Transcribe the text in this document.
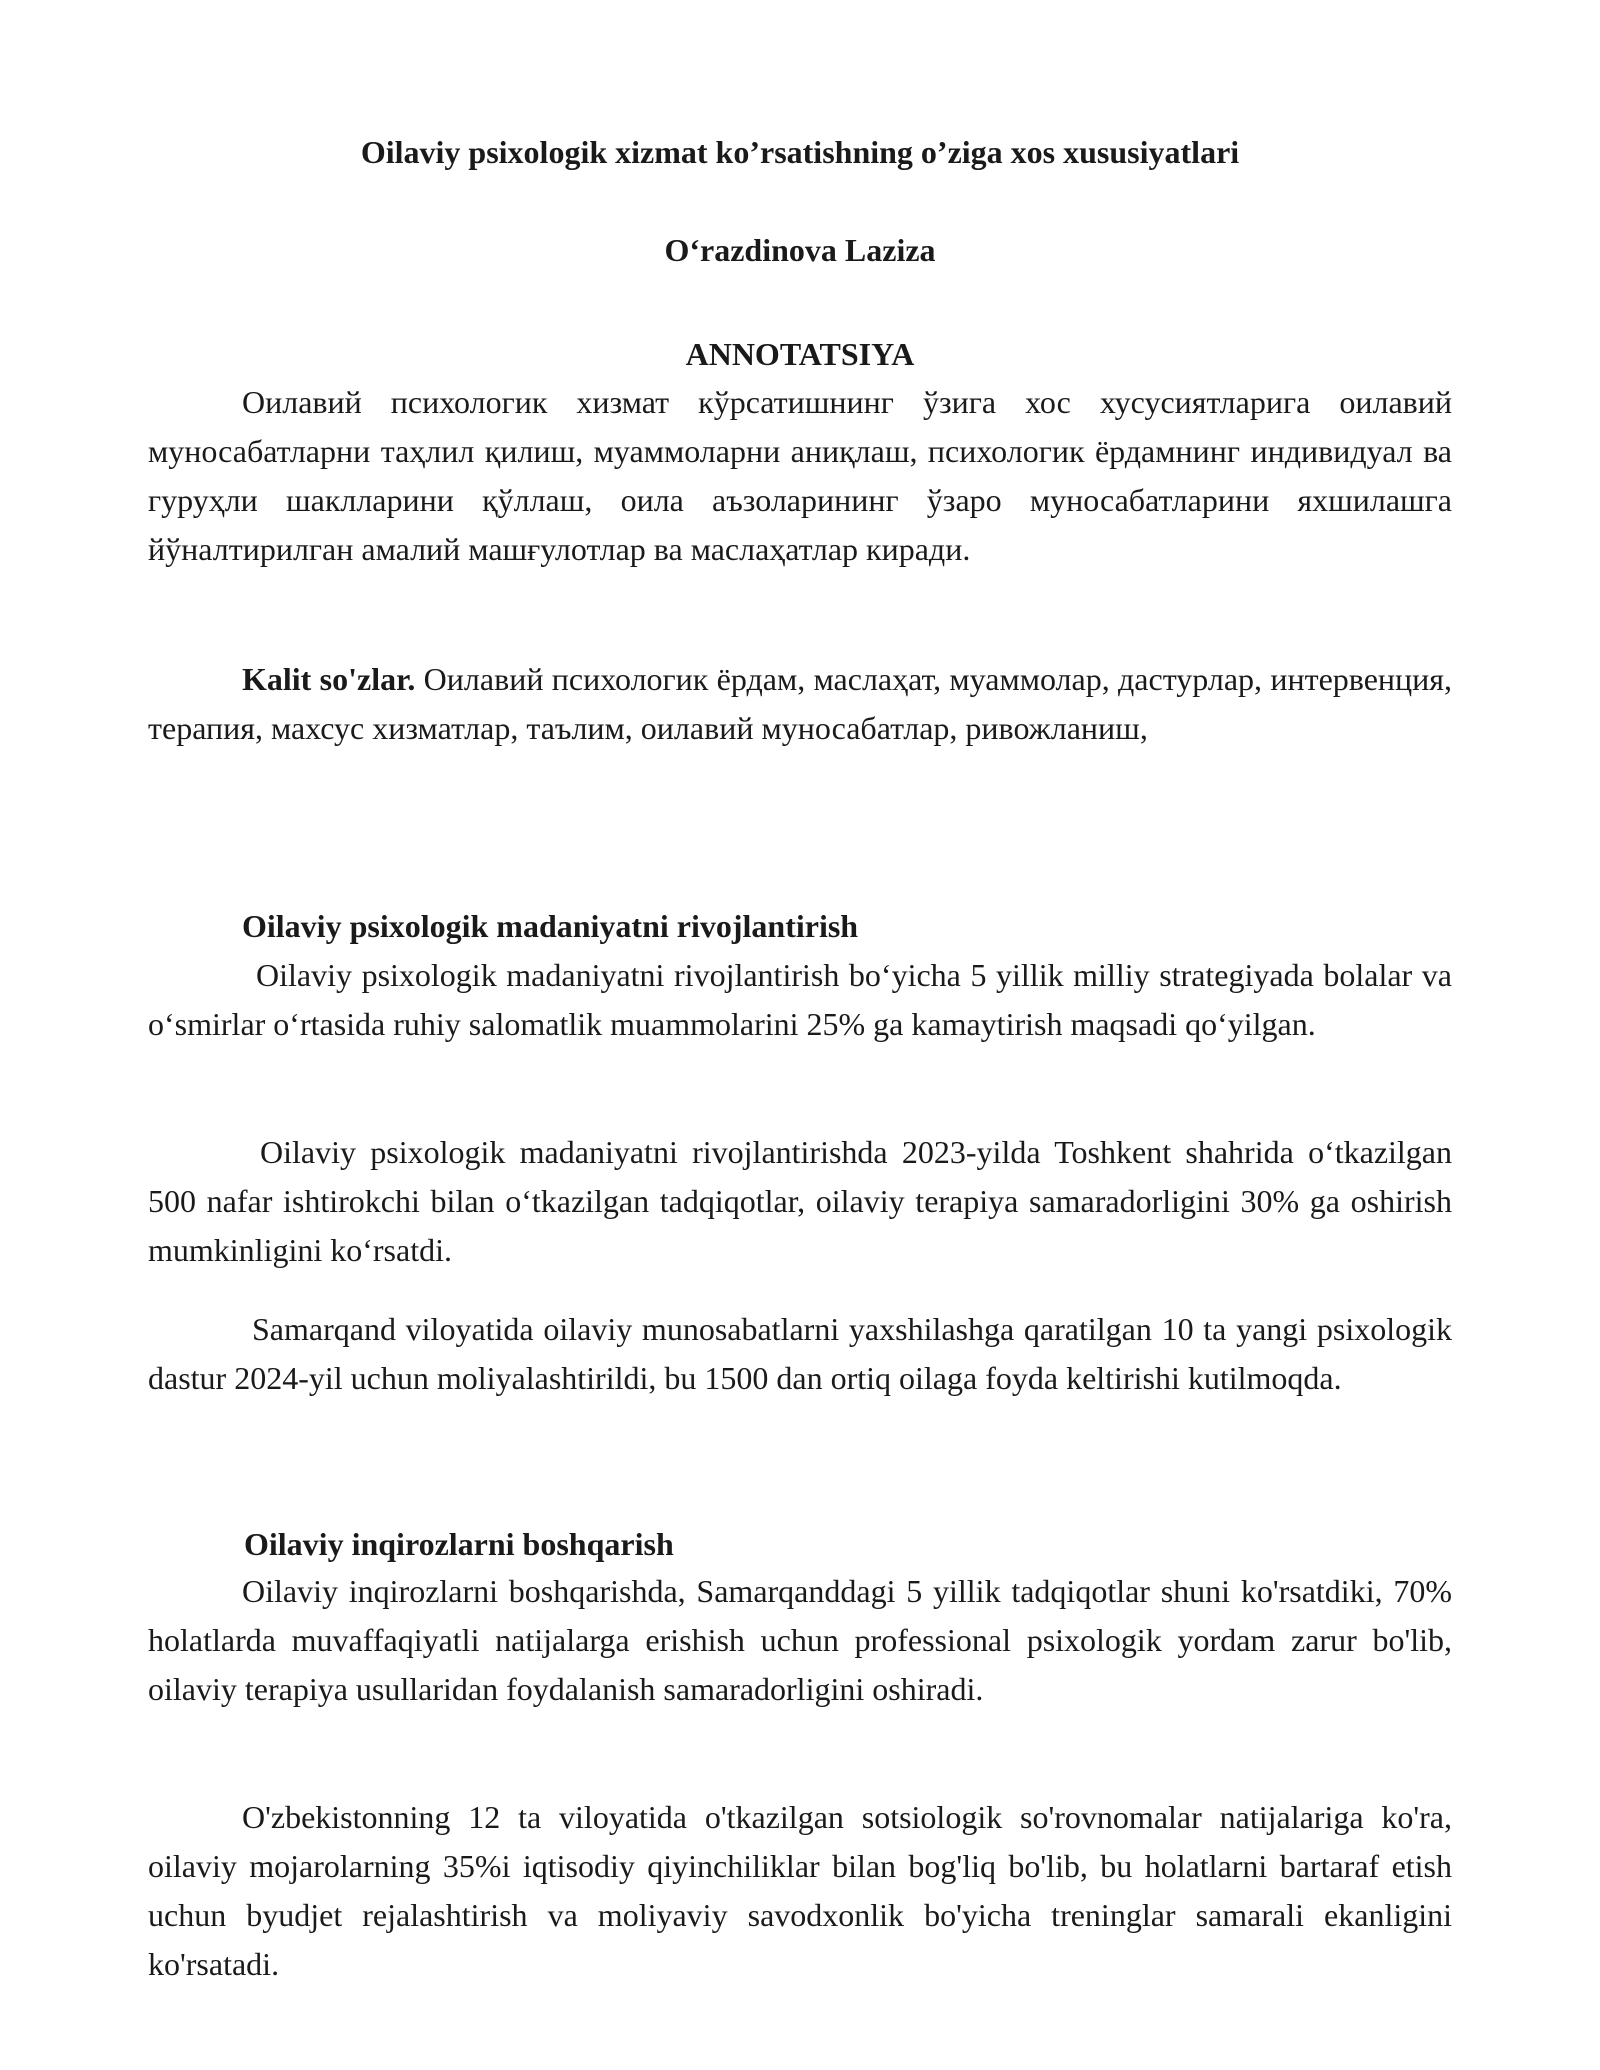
Oilaviy psixologik xizmat ko’rsatishning o’ziga xos xususiyatlari

O‘razdinova Laziza

ANNOTATSIYA

Оилавий психологик хизмат кўрсатишнинг ўзига хос хусусиятларига оилавий муносабатларни таҳлил қилиш, муаммоларни аниқлаш, психологик ёрдамнинг индивидуал ва гуруҳли шаклларини қўллаш, оила аъзоларининг ўзаро муносабатларини яхшилашга йўналтирилган амалий машғулотлар ва маслаҳатлар киради.

Kalit so'zlar. Оилавий психологик ёрдам, маслаҳат, муаммолар, дастурлар, интервенция, терапия, махсус хизматлар, таълим, оилавий муносабатлар, ривожланиш,

Oilaviy psixologik madaniyatni rivojlantirish

Oilaviy psixologik madaniyatni rivojlantirish bo‘yicha 5 yillik milliy strategiyada bolalar va o‘smirlar o‘rtasida ruhiy salomatlik muammolarini 25% ga kamaytirish maqsadi qo‘yilgan.

Oilaviy psixologik madaniyatni rivojlantirishda 2023-yilda Toshkent shahrida o‘tkazilgan 500 nafar ishtirokchi bilan o‘tkazilgan tadqiqotlar, oilaviy terapiya samaradorligini 30% ga oshirish mumkinligini ko‘rsatdi.

Samarqand viloyatida oilaviy munosabatlarni yaxshilashga qaratilgan 10 ta yangi psixologik dastur 2024-yil uchun moliyalashtirildi, bu 1500 dan ortiq oilaga foyda keltirishi kutilmoqda.

Oilaviy inqirozlarni boshqarish

Oilaviy inqirozlarni boshqarishda, Samarqanddagi 5 yillik tadqiqotlar shuni ko'rsatdiki, 70% holatlarda muvaffaqiyatli natijalarga erishish uchun professional psixologik yordam zarur bo'lib, oilaviy terapiya usullaridan foydalanish samaradorligini oshiradi.

O'zbekistonning 12 ta viloyatida o'tkazilgan sotsiologik so'rovnomalar natijalariga ko'ra, oilaviy mojarolarning 35%i iqtisodiy qiyinchiliklar bilan bog'liq bo'lib, bu holatlarni bartaraf etish uchun byudjet rejalashtirish va moliyaviy savodxonlik bo'yicha treninglar samarali ekanligini ko'rsatadi.
